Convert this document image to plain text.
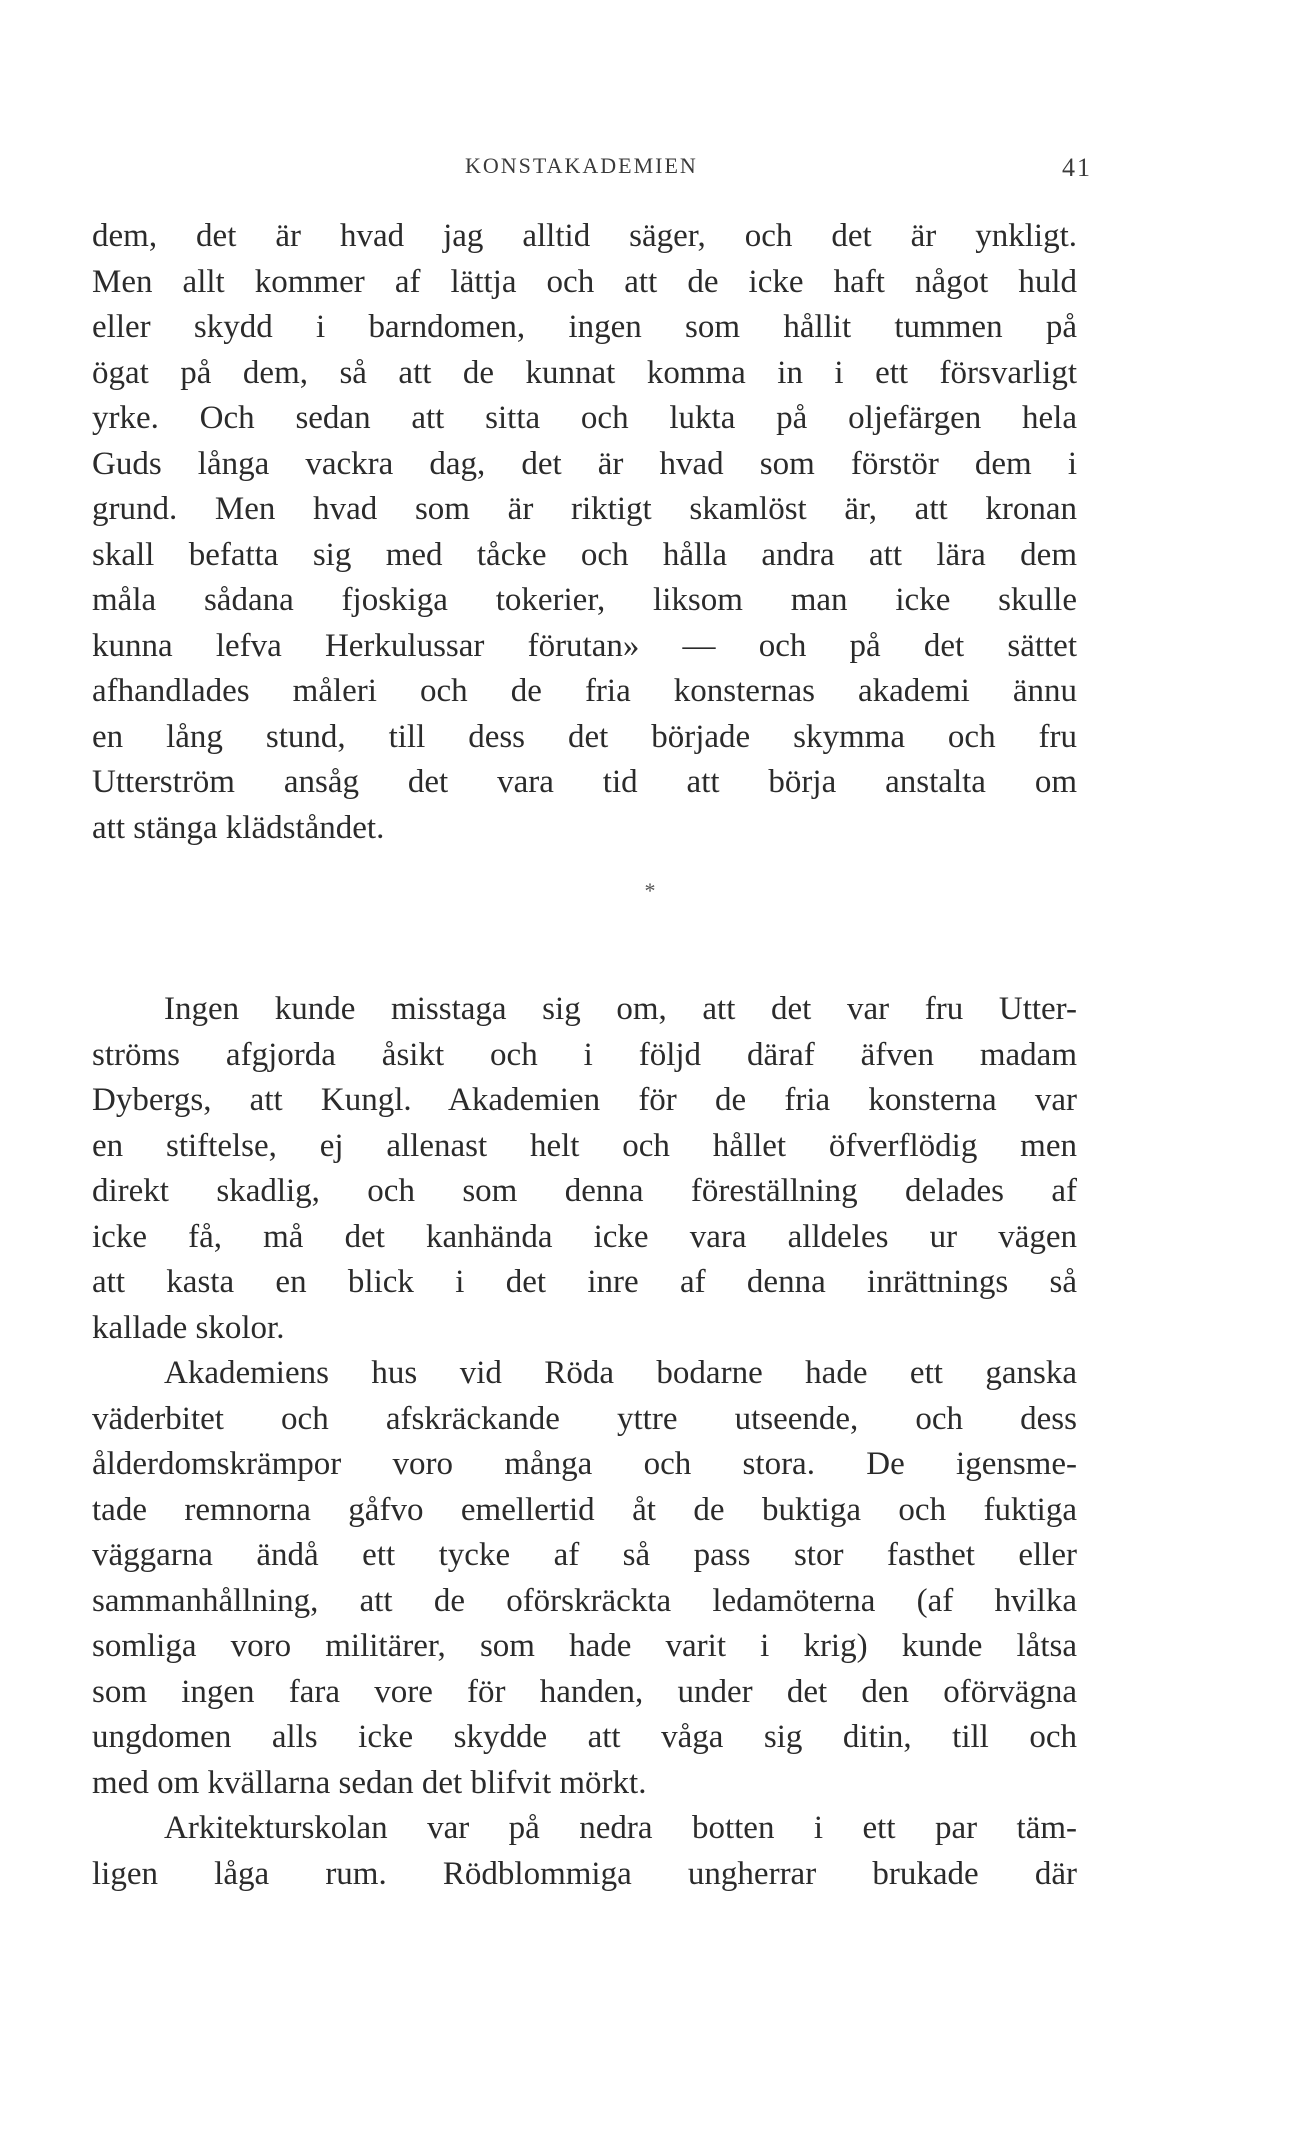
KONSTAKADEMIEN	41
dem, det är hvad jag alltid säger, och det är ynkligt.
Men allt kommer af lättja och att de icke haft något huld
eller skydd i barndomen, ingen som hållit tummen på
ögat på dem, så att de kunnat komma in i ett försvarligt
yrke. Och sedan att sitta och lukta på oljefärgen hela
Guds långa vackra dag, det är hvad som förstör dem i
grund. Men hvad som är riktigt skamlöst är, att kronan
skall befatta sig med tåcke och hålla andra att lära dem
måla sådana fjoskiga tokerier, liksom man icke skulle
kunna lefva Herkulussar förutan» — och på det sättet
afhandlades måleri och de fria konsternas akademi ännu
en lång stund, till dess det började skymma och fru
Utterström ansåg det vara tid att börja anstalta om
att stänga klädståndet.
*
Ingen kunde misstaga sig om, att det var fru Utter-
ströms afgjorda åsikt och i följd däraf äfven madam
Dybergs, att Kungl. Akademien för de fria konsterna var
en stiftelse, ej allenast helt och hållet öfverflödig men
direkt skadlig, och som denna föreställning delades af
icke få, må det kanhända icke vara alldeles ur vägen
att kasta en blick i det inre af denna inrättnings så
kallade skolor.
Akademiens hus vid Röda bodarne hade ett ganska
väderbitet och afskräckande yttre utseende, och dess
ålderdomskrämpor voro många och stora. De igensme-
tade remnorna gåfvo emellertid åt de buktiga och fuktiga
väggarna ändå ett tycke af så pass stor fasthet eller
sammanhållning, att de oförskräckta ledamöterna (af hvilka
somliga voro militärer, som hade varit i krig) kunde låtsa
som ingen fara vore för handen, under det den oförvägna
ungdomen alls icke skydde att våga sig ditin, till och
med om kvällarna sedan det blifvit mörkt.
Arkitekturskolan var på nedra botten i ett par täm-
ligen låga rum. Rödblommiga ungherrar brukade där
